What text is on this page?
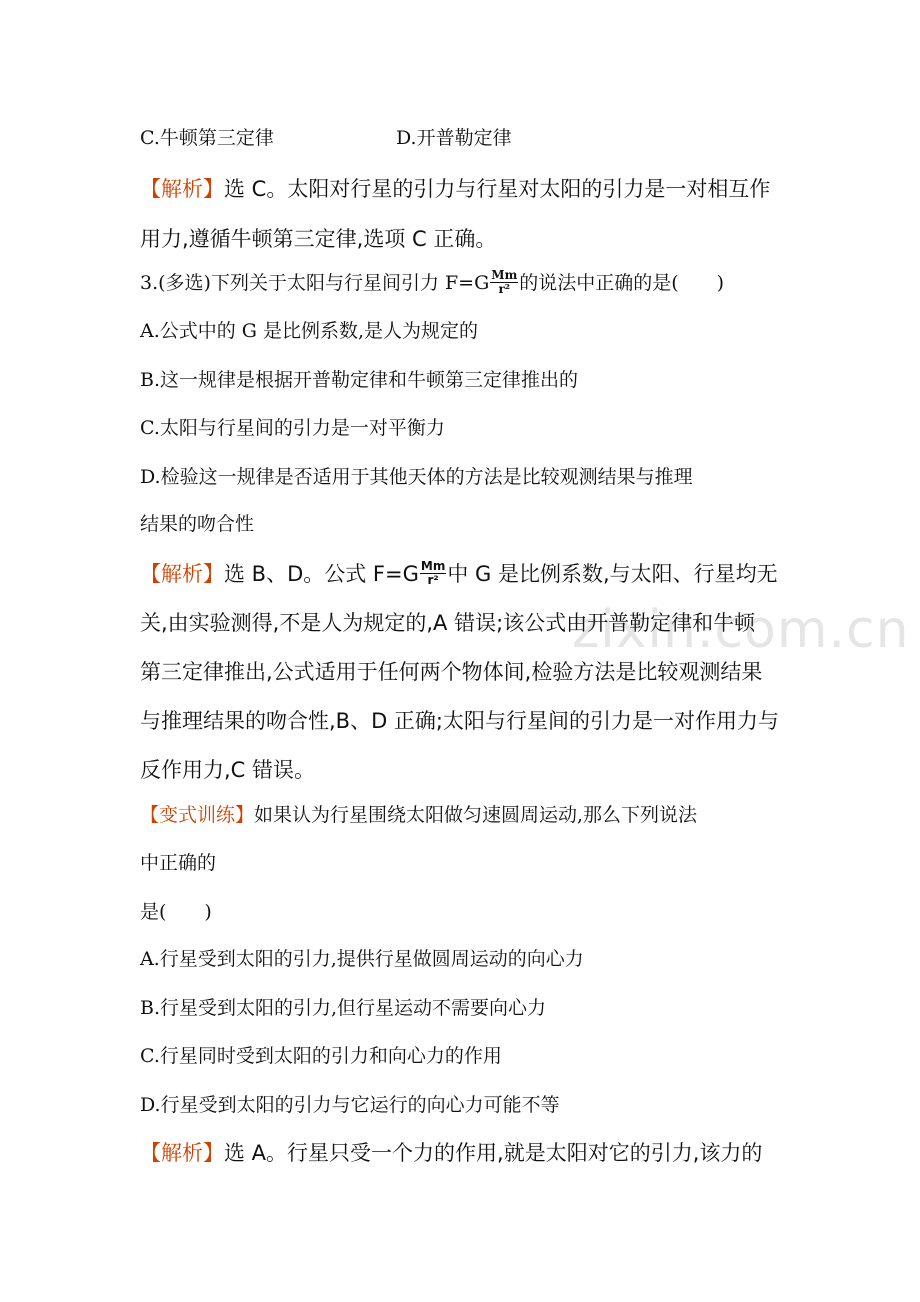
zixin.com.cn
C.牛顿第三定律	D.开普勒定律
【解析】选 C。太阳对行星的引力与行星对太阳的引力是一对相互作
用力,遵循牛顿第三定律,选项 C 正确。
3.(多选)下列关于太阳与行星间引力 $F=G \frac{Mm}{\text{r²}}$ 的说法中正确的是(　　)
A.公式中的 G 是比例系数,是人为规定的
B.这一规律是根据开普勒定律和牛顿第三定律推出的
C.太阳与行星间的引力是一对平衡力
D.检验这一规律是否适用于其他天体的方法是比较观测结果与推理
结果的吻合性
【解析】选 B、D。公式 $F=G \frac{Mm}{\text{r²}}$ 中 G 是比例系数,与太阳、行星均无
关,由实验测得,不是人为规定的,A 错误;该公式由开普勒定律和牛顿
第三定律推出,公式适用于任何两个物体间,检验方法是比较观测结果
与推理结果的吻合性,B、D 正确;太阳与行星间的引力是一对作用力与
反作用力,C 错误。
【变式训练】如果认为行星围绕太阳做匀速圆周运动,那么下列说法
中正确的
是(　　)
A.行星受到太阳的引力,提供行星做圆周运动的向心力
B.行星受到太阳的引力,但行星运动不需要向心力
C.行星同时受到太阳的引力和向心力的作用
D.行星受到太阳的引力与它运行的向心力可能不等
【解析】选 A。行星只受一个力的作用,就是太阳对它的引力,该力的
